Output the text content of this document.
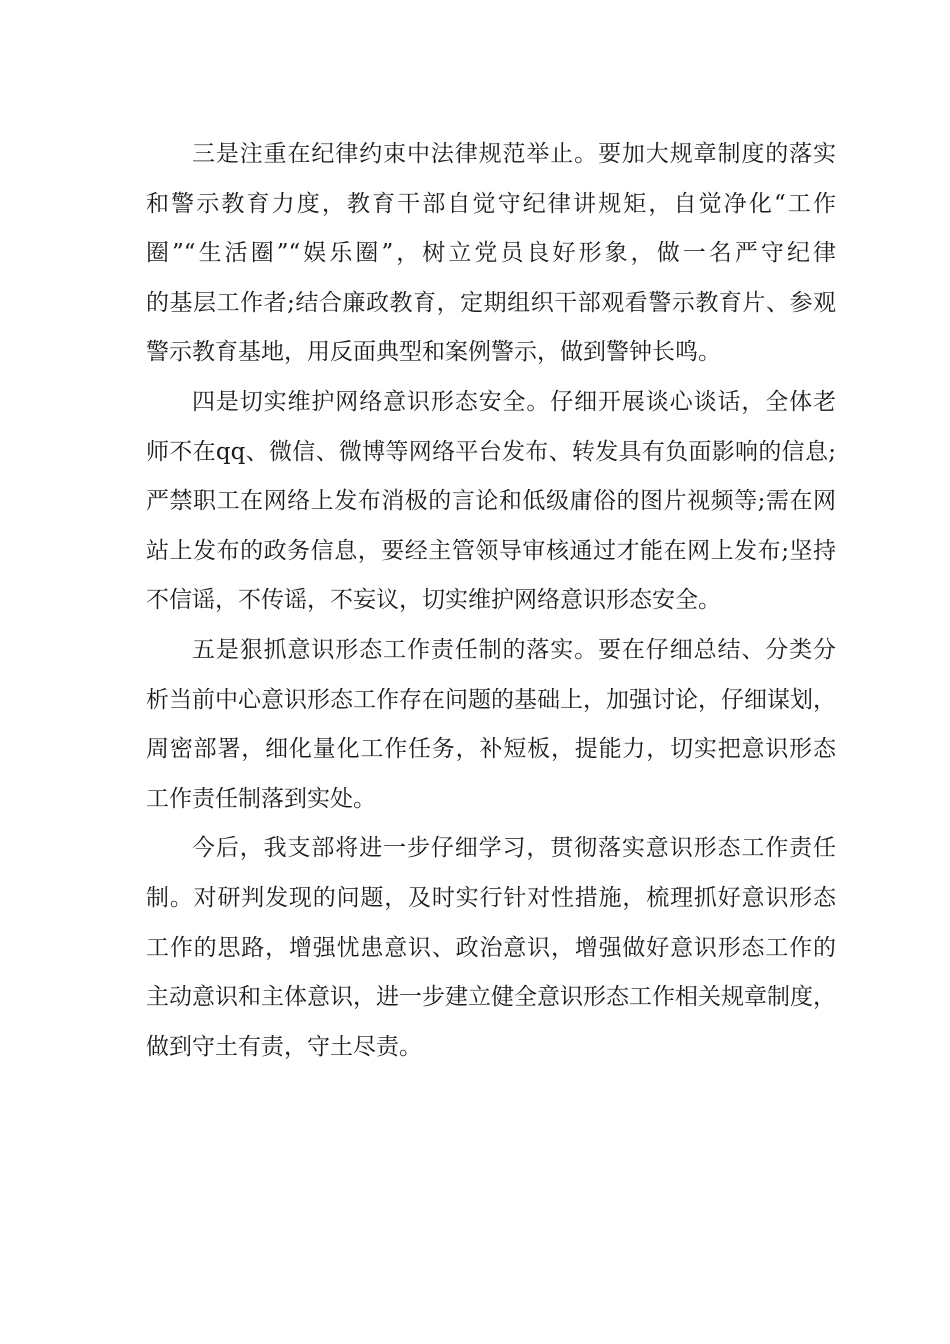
三是注重在纪律约束中法律规范举止。要加大规章制度的落实
和警示教育力度，教育干部自觉守纪律讲规矩，自觉净化“工作
圈”“生活圈”“娱乐圈”，树立党员良好形象，做一名严守纪律
的基层工作者;结合廉政教育，定期组织干部观看警示教育片、参观
警示教育基地，用反面典型和案例警示，做到警钟长鸣。
四是切实维护网络意识形态安全。仔细开展谈心谈话，全体老
师不在qq、微信、微博等网络平台发布、转发具有负面影响的信息;
严禁职工在网络上发布消极的言论和低级庸俗的图片视频等;需在网
站上发布的政务信息，要经主管领导审核通过才能在网上发布;坚持
不信谣，不传谣，不妄议，切实维护网络意识形态安全。
五是狠抓意识形态工作责任制的落实。要在仔细总结、分类分
析当前中心意识形态工作存在问题的基础上，加强讨论，仔细谋划，
周密部署，细化量化工作任务，补短板，提能力，切实把意识形态
工作责任制落到实处。
今后，我支部将进一步仔细学习，贯彻落实意识形态工作责任
制。对研判发现的问题，及时实行针对性措施，梳理抓好意识形态
工作的思路，增强忧患意识、政治意识，增强做好意识形态工作的
主动意识和主体意识，进一步建立健全意识形态工作相关规章制度，
做到守土有责，守土尽责。
